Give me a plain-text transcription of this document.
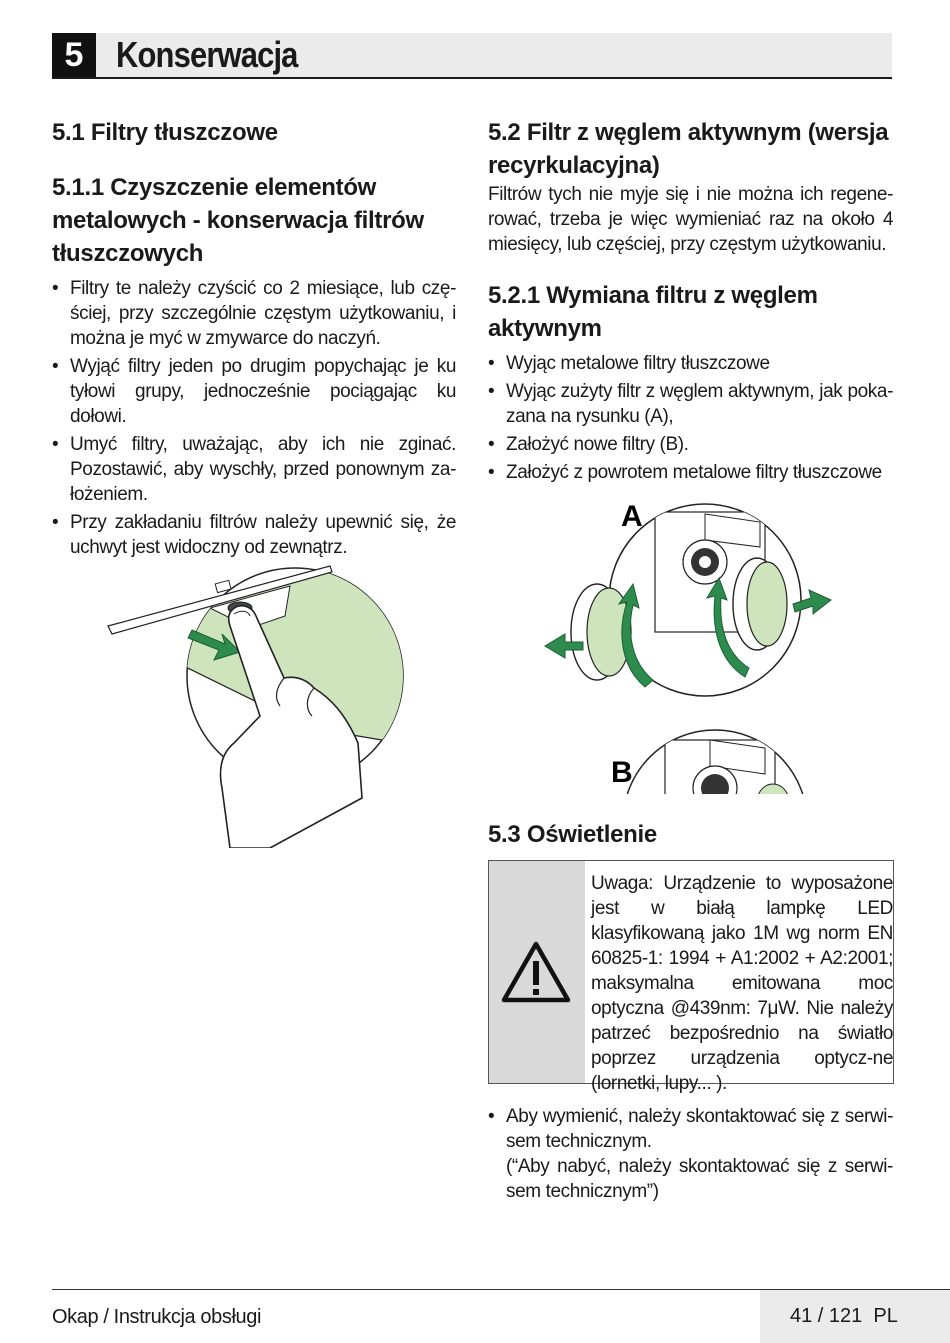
5 Konserwacja
5.1 Filtry tłuszczowe
5.1.1 Czyszczenie elementów metalowych - konserwacja filtrów tłuszczowych
• Filtry te należy czyścić co 2 miesiące, lub czę-ściej, przy szczególnie częstym użytkowaniu, i można je myć w zmywarce do naczyń.
• Wyjąć filtry jeden po drugim popychając je ku tyłowi grupy, jednocześnie pociągając ku dołowi.
• Umyć filtry, uważając, aby ich nie zginać. Pozostawić, aby wyschły, przed ponownym za-łożeniem.
• Przy zakładaniu filtrów należy upewnić się, że uchwyt jest widoczny od zewnątrz.
5.2 Filtr z węglem aktywnym (wersja recyrkulacyjna)

Filtrów tych nie myje się i nie można ich regene-rować, trzeba je więc wymieniać raz na około 4 miesięcy, lub częściej, przy częstym użytkowaniu.

5.2.1 Wymiana filtru z węglem aktywnym
• Wyjąc metalowe filtry tłuszczowe
• Wyjąc zużyty filtr z węglem aktywnym, jak poka-zana na rysunku (A),
• Założyć nowe filtry (B).
• Założyć z powrotem metalowe filtry tłuszczowe
A
B
5.3 Oświetlenie

Uwaga: Urządzenie to wyposażone jest w białą lampkę LED klasyfikowaną jako 1M wg norm EN 60825-1: 1994 + A1:2002 + A2:2001; maksymalna emitowana moc optyczna @439nm: 7μW. Nie należy patrzeć bezpośrednio na światło poprzez urządzenia optycz-ne (lornetki, lupy... ).

• Aby wymienić, należy skontaktować się z serwi-sem technicznym.
(“Aby nabyć, należy skontaktować się z serwi-sem technicznym”)
Okap / Instrukcja obsługi	41 / 121  PL
